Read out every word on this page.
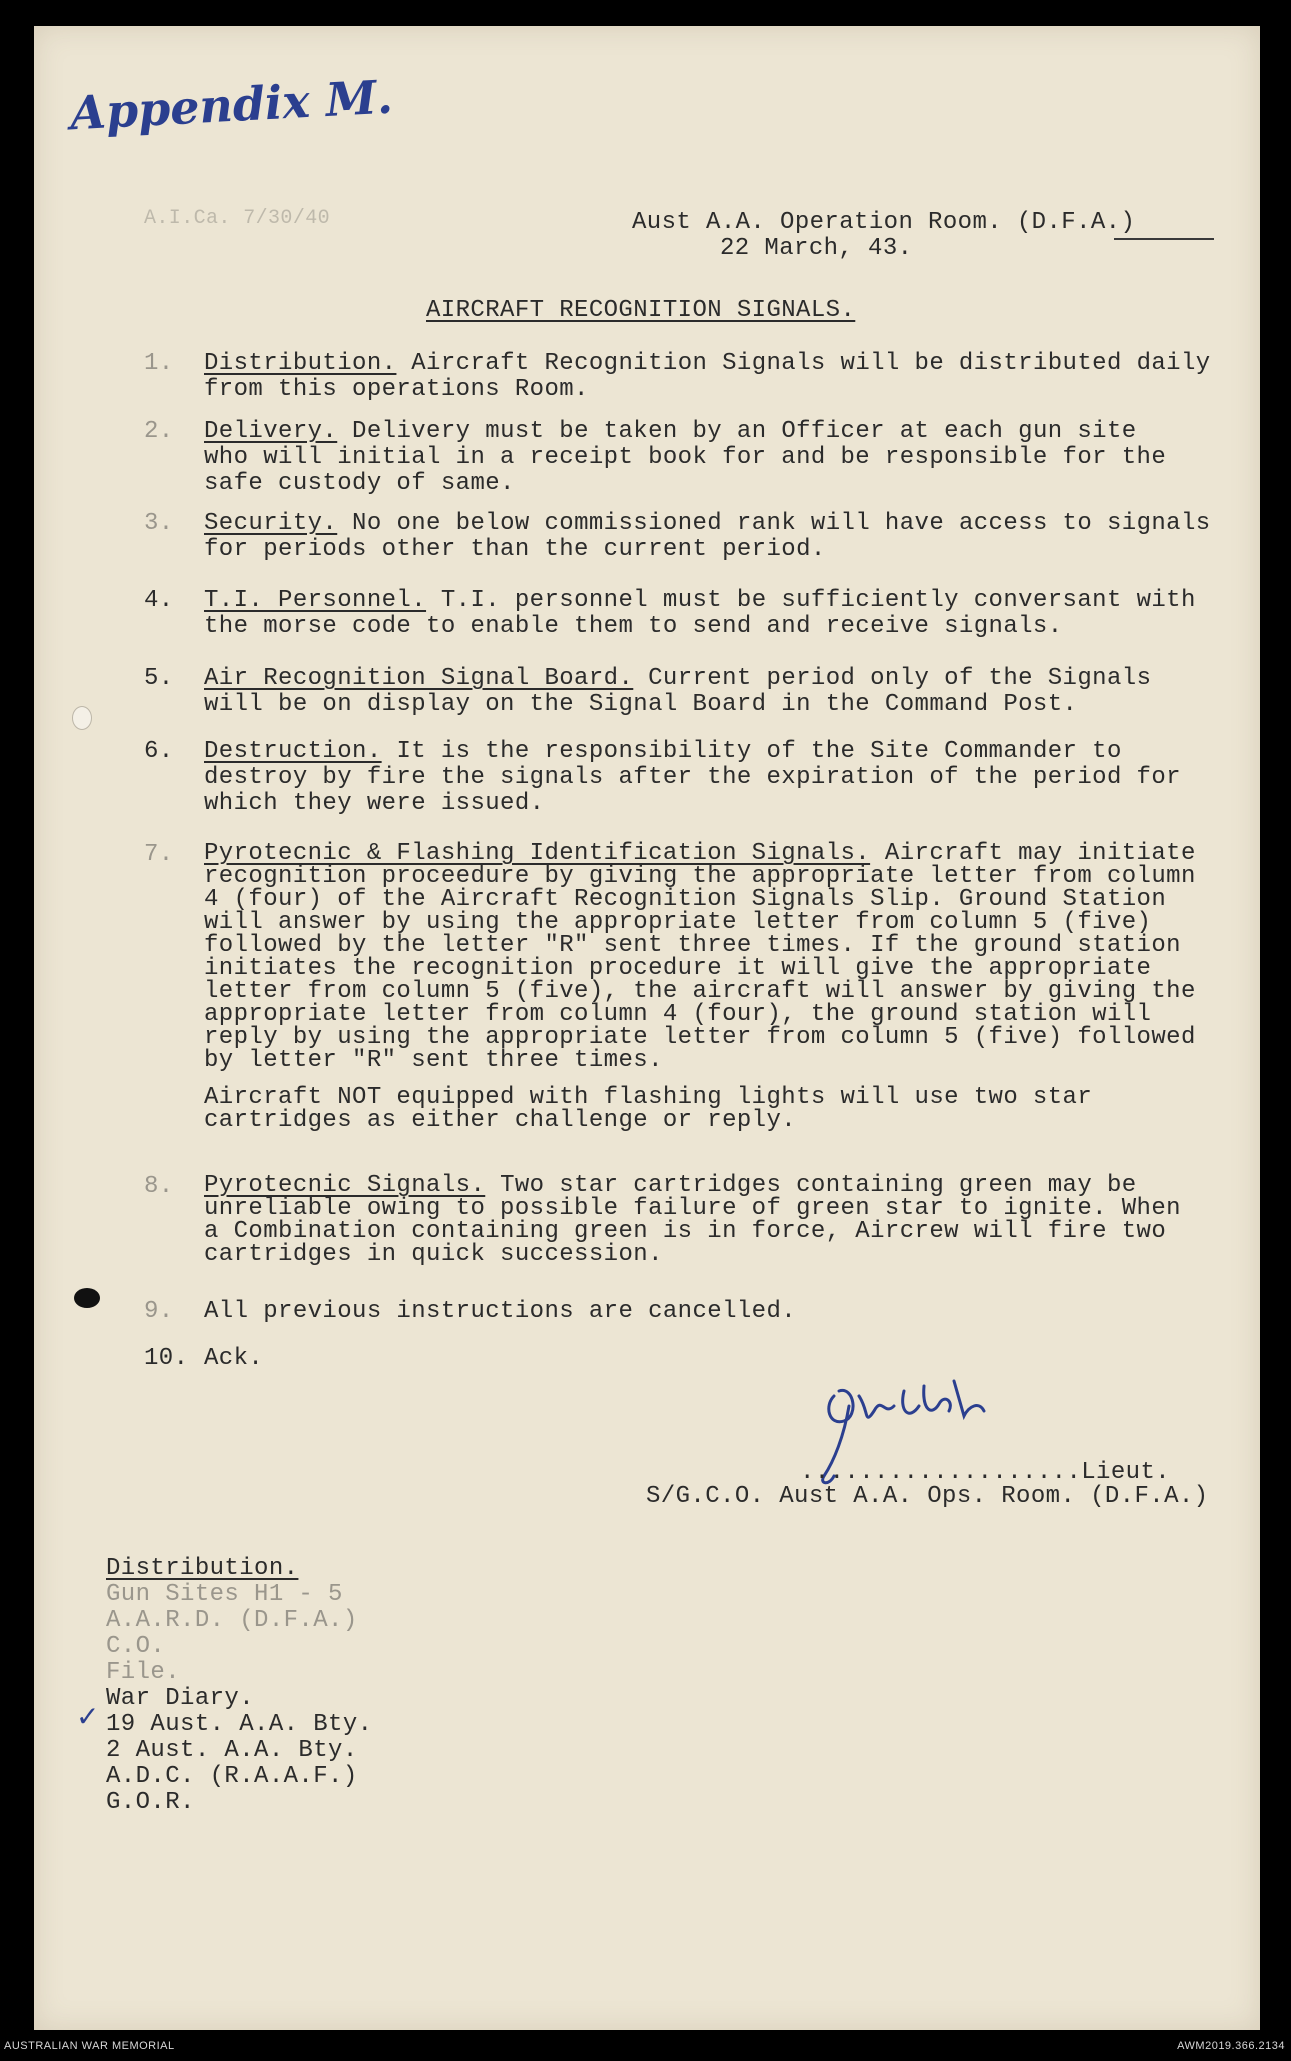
Appendix M.
A.I.Ca. 7/30/40	Aust A.A. Operation Room. (D.F.A.)
22 March, 43.
AIRCRAFT RECOGNITION SIGNALS.
1.	Distribution. Aircraft Recognition Signals will be distributed daily
from this operations Room.
2.	Delivery. Delivery must be taken by an Officer at each gun site
who will initial in a receipt book for and be responsible for the
safe custody of same.
3.	Security. No one below commissioned rank will have access to signals
for periods other than the current period.
4.	T.I. Personnel. T.I. personnel must be sufficiently conversant with
the morse code to enable them to send and receive signals.
5.	Air Recognition Signal Board. Current period only of the Signals
will be on display on the Signal Board in the Command Post.
6.	Destruction. It is the responsibility of the Site Commander to
destroy by fire the signals after the expiration of the period for
which they were issued.
7.	Pyrotecnic & Flashing Identification Signals. Aircraft may initiate
recognition proceedure by giving the appropriate letter from column
4 (four) of the Aircraft Recognition Signals Slip. Ground Station
will answer by using the appropriate letter from column 5 (five)
followed by the letter "R" sent three times. If the ground station
initiates the recognition procedure it will give the appropriate
letter from column 5 (five), the aircraft will answer by giving the
appropriate letter from column 4 (four), the ground station will
reply by using the appropriate letter from column 5 (five) followed
by letter "R" sent three times.
Aircraft NOT equipped with flashing lights will use two star
cartridges as either challenge or reply.
8.	Pyrotecnic Signals. Two star cartridges containing green may be
unreliable owing to possible failure of green star to ignite. When
a Combination containing green is in force, Aircrew will fire two
cartridges in quick succession.
9.	All previous instructions are cancelled.
10. Ack.
...................Lieut.
S/G.C.O. Aust A.A. Ops. Room. (D.F.A.)
Distribution.
Gun Sites H1 - 5
A.A.R.D. (D.F.A.)
C.O.
File.
War Diary.
19 Aust. A.A. Bty.
2 Aust. A.A. Bty.
A.D.C. (R.A.A.F.)
G.O.R.
✓
AUSTRALIAN WAR MEMORIAL	AWM2019.366.2134
